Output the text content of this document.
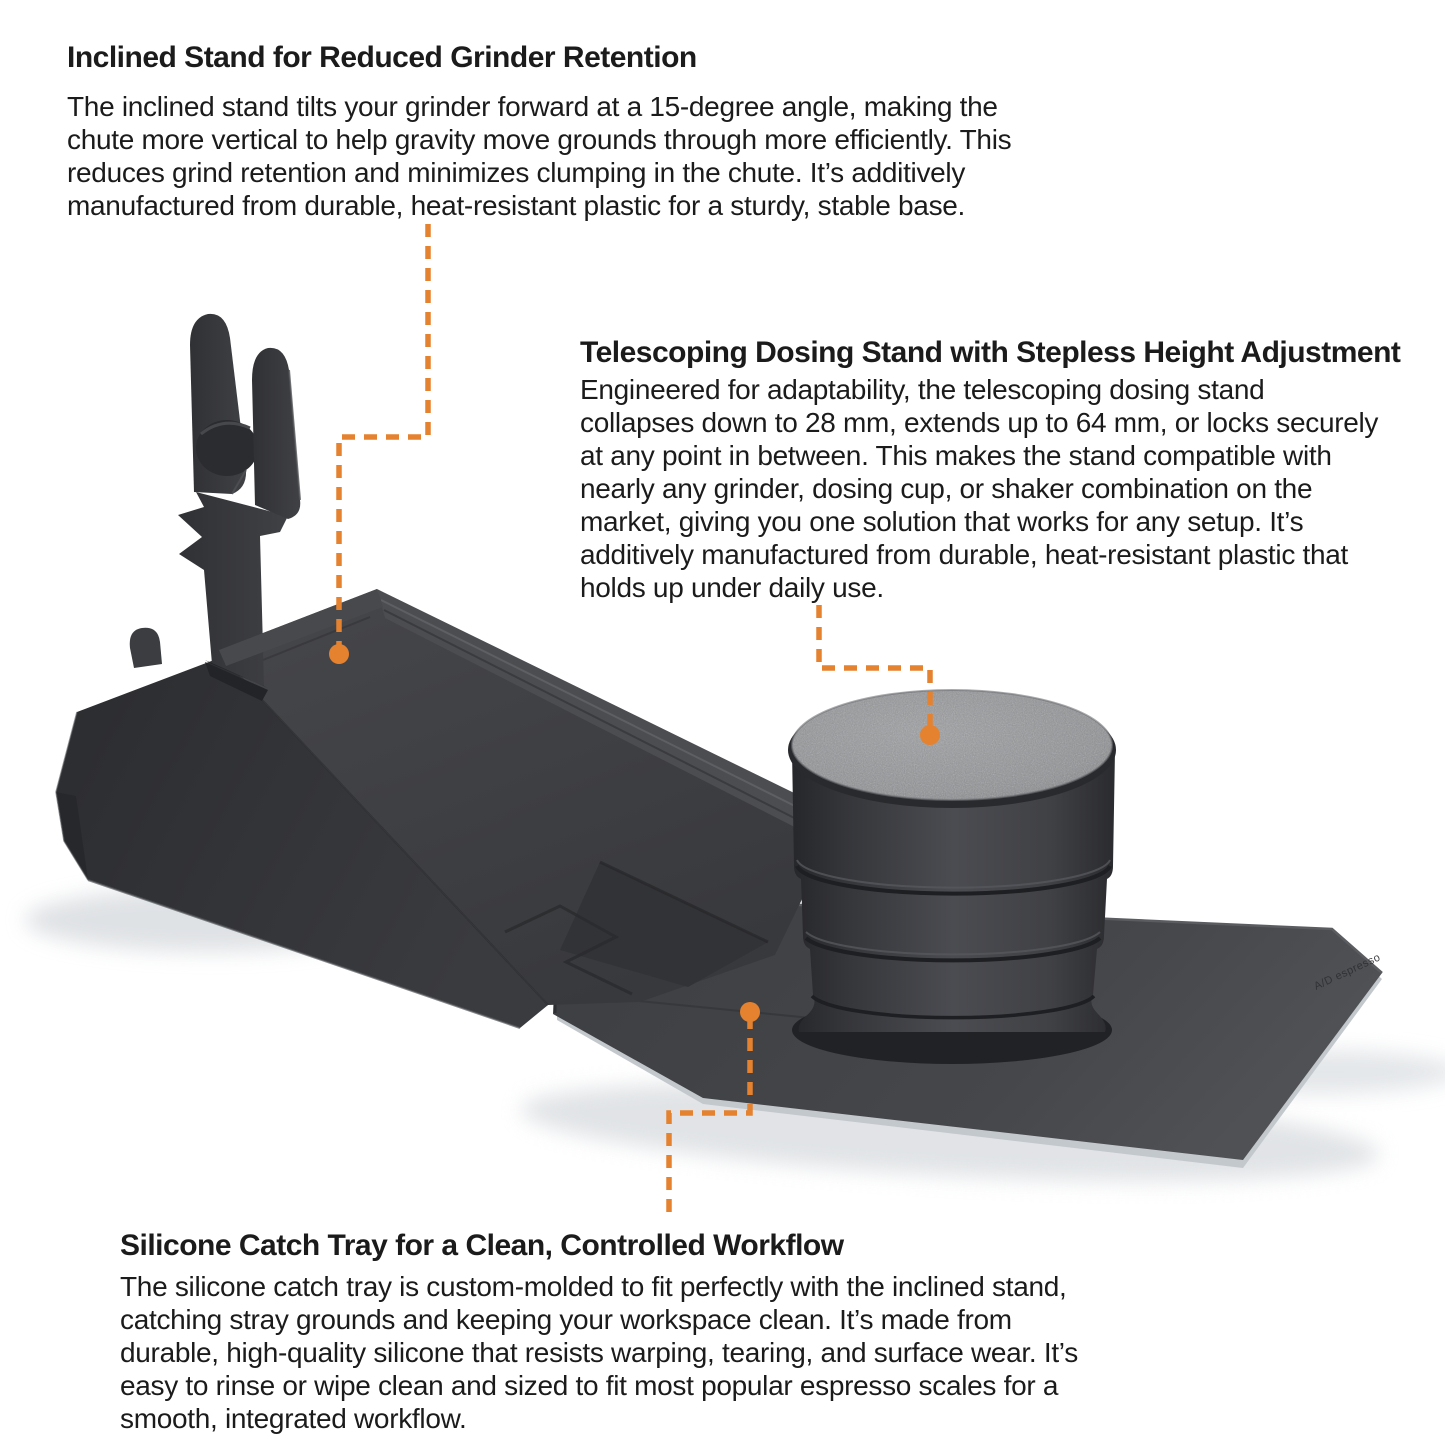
A/D espresso
Inclined Stand for Reduced Grinder Retention
The inclined stand tilts your grinder forward at a 15-degree angle, making the
chute more vertical to help gravity move grounds through more efficiently. This
reduces grind retention and minimizes clumping in the chute. It’s additively
manufactured from durable, heat-resistant plastic for a sturdy, stable base.
Telescoping Dosing Stand with Stepless Height Adjustment
Engineered for adaptability, the telescoping dosing stand
collapses down to 28 mm, extends up to 64 mm, or locks securely
at any point in between. This makes the stand compatible with
nearly any grinder, dosing cup, or shaker combination on the
market, giving you one solution that works for any setup. It’s
additively manufactured from durable, heat-resistant plastic that
holds up under daily use.
Silicone Catch Tray for a Clean, Controlled Workflow
The silicone catch tray is custom-molded to fit perfectly with the inclined stand,
catching stray grounds and keeping your workspace clean. It’s made from
durable, high-quality silicone that resists warping, tearing, and surface wear. It’s
easy to rinse or wipe clean and sized to fit most popular espresso scales for a
smooth, integrated workflow.
